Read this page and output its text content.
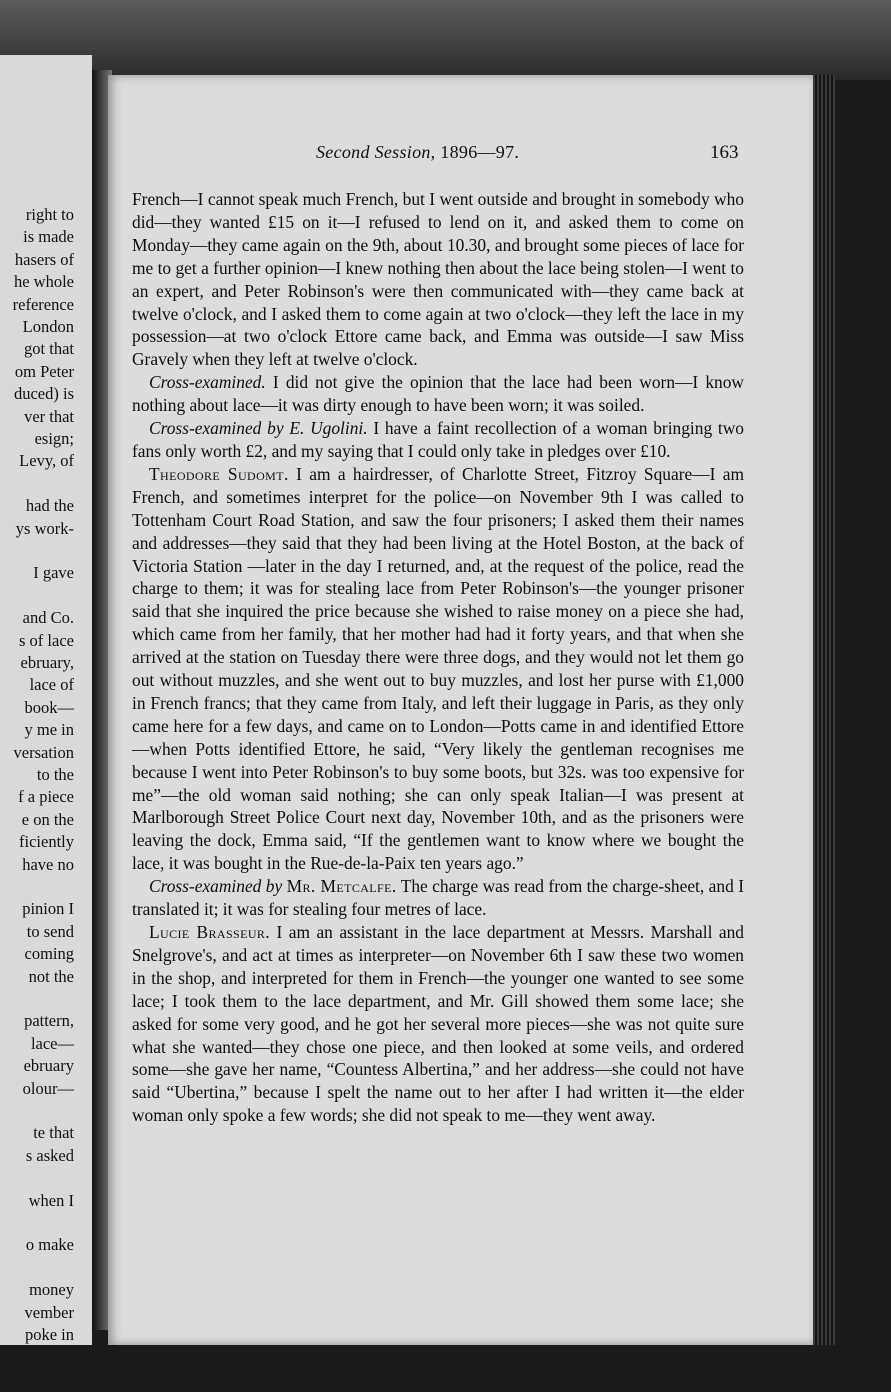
right to
is made
hasers of
he whole
reference
London
got that
om Peter
duced) is
ver that
esign;
Levy, of
had the
ys work-
I gave
and Co.
s of lace
ebruary,
lace of
book—
y me in
versation
to the
f a piece
e on the
ficiently
have no
pinion I
to send
coming
not the
pattern,
lace—
ebruary
olour—
te that
s asked
when I
o make
money
vember
poke in
Second Session, 1896—97.	163

French—I cannot speak much French, but I went outside and brought in somebody who did—they wanted £15 on it—I refused to lend on it, and asked them to come on Monday—they came again on the 9th, about 10.30, and brought some pieces of lace for me to get a further opinion—I knew nothing then about the lace being stolen—I went to an expert, and Peter Robinson's were then communicated with—they came back at twelve o'clock, and I asked them to come again at two o'clock—they left the lace in my possession—at two o'clock Ettore came back, and Emma was outside—I saw Miss Gravely when they left at twelve o'clock.

Cross-examined. I did not give the opinion that the lace had been worn—I know nothing about lace—it was dirty enough to have been worn; it was soiled.

Cross-examined by E. Ugolini. I have a faint recollection of a woman bringing two fans only worth £2, and my saying that I could only take in pledges over £10.

Theodore Sudomt. I am a hairdresser, of Charlotte Street, Fitzroy Square—I am French, and sometimes interpret for the police—on November 9th I was called to Tottenham Court Road Station, and saw the four prisoners; I asked them their names and addresses—they said that they had been living at the Hotel Boston, at the back of Victoria Station —later in the day I returned, and, at the request of the police, read the charge to them; it was for stealing lace from Peter Robinson's—the younger prisoner said that she inquired the price because she wished to raise money on a piece she had, which came from her family, that her mother had had it forty years, and that when she arrived at the station on Tuesday there were three dogs, and they would not let them go out without muzzles, and she went out to buy muzzles, and lost her purse with £1,000 in French francs; that they came from Italy, and left their luggage in Paris, as they only came here for a few days, and came on to London—Potts came in and identified Ettore—when Potts identified Ettore, he said, “Very likely the gentleman recognises me because I went into Peter Robinson's to buy some boots, but 32s. was too expensive for me”—the old woman said nothing; she can only speak Italian—I was present at Marlborough Street Police Court next day, November 10th, and as the prisoners were leaving the dock, Emma said, “If the gentlemen want to know where we bought the lace, it was bought in the Rue-de-la-Paix ten years ago.”

Cross-examined by Mr. Metcalfe. The charge was read from the charge-sheet, and I translated it; it was for stealing four metres of lace.

Lucie Brasseur. I am an assistant in the lace department at Messrs. Marshall and Snelgrove's, and act at times as interpreter—on November 6th I saw these two women in the shop, and interpreted for them in French—the younger one wanted to see some lace; I took them to the lace department, and Mr. Gill showed them some lace; she asked for some very good, and he got her several more pieces—she was not quite sure what she wanted—they chose one piece, and then looked at some veils, and ordered some—she gave her name, “Countess Albertina,” and her address—she could not have said “Ubertina,” because I spelt the name out to her after I had written it—the elder woman only spoke a few words; she did not speak to me—they went away.
